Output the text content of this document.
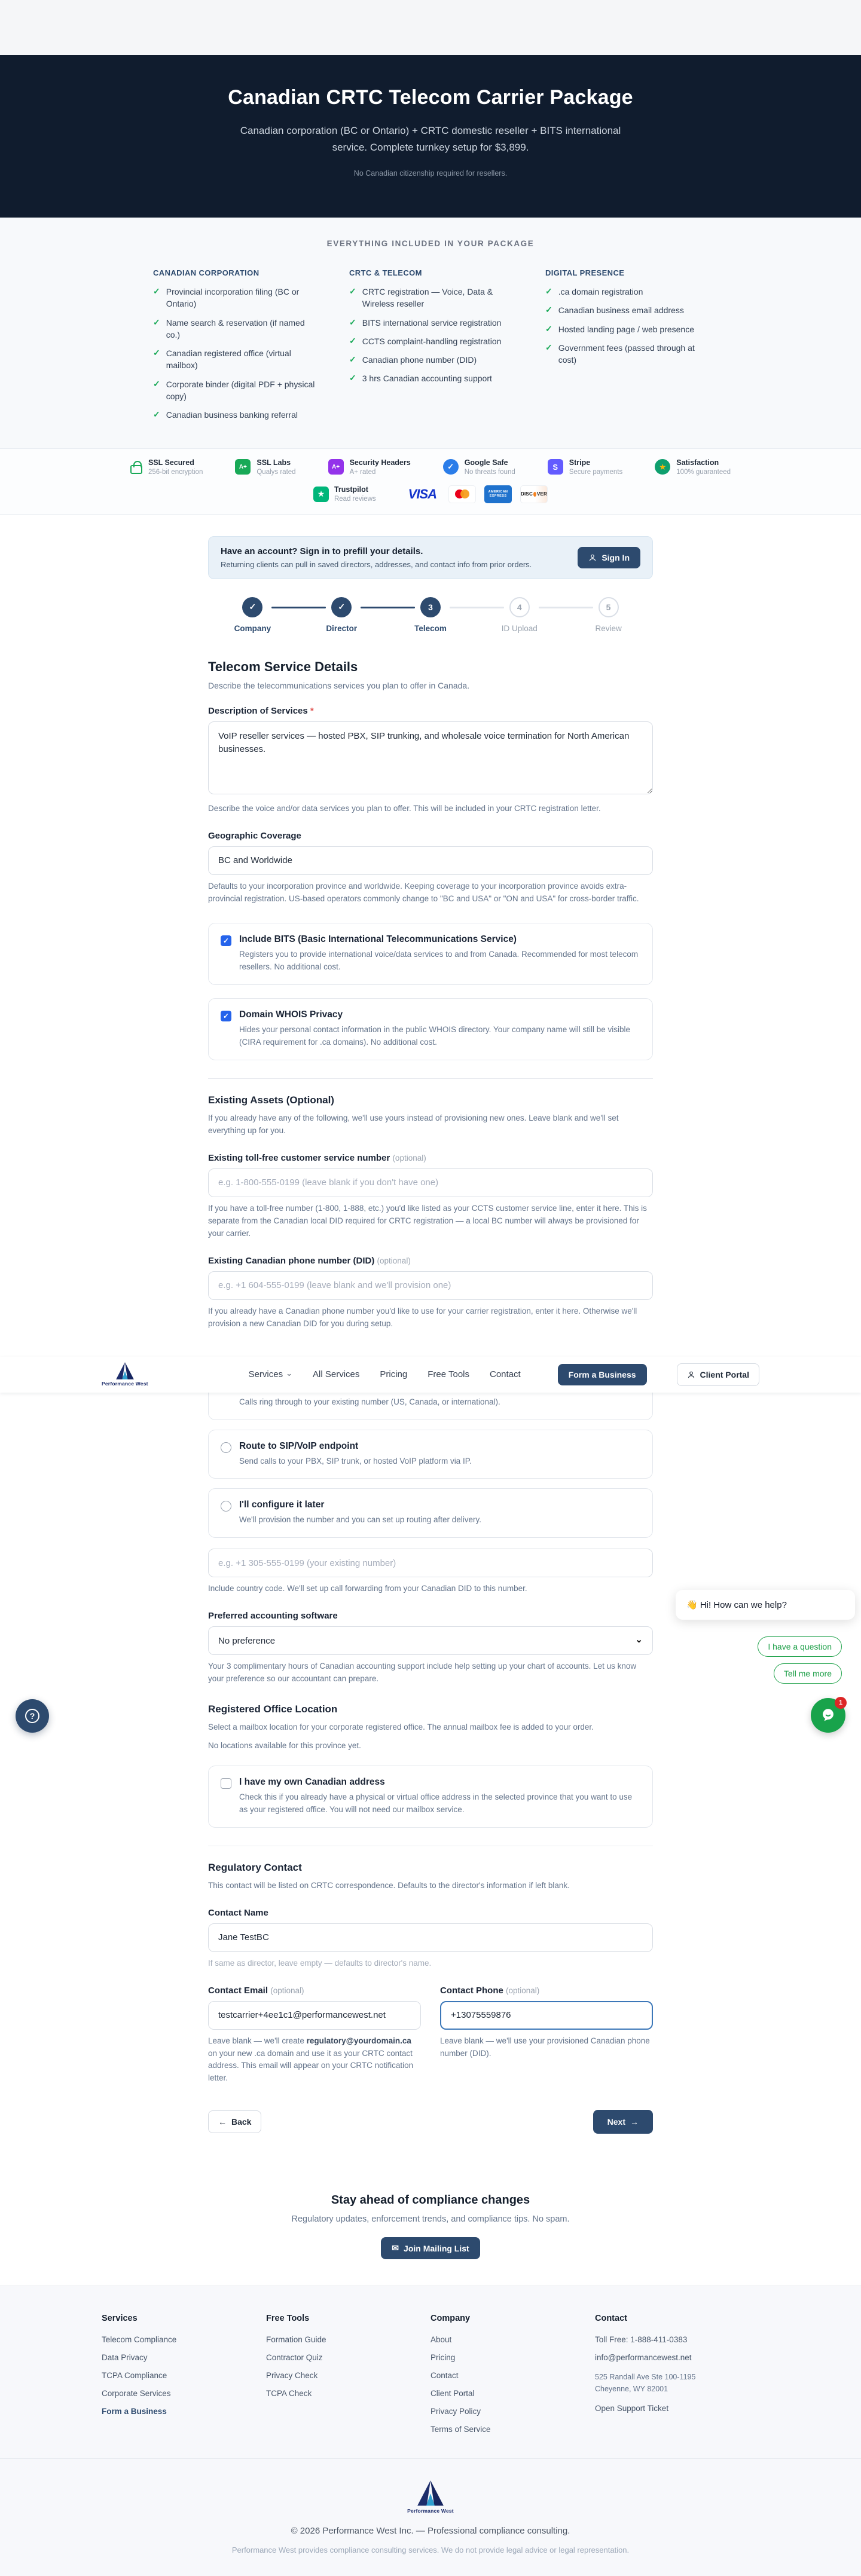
Canadian CRTC Telecom Carrier Package

Canadian corporation (BC or Ontario) + CRTC domestic reseller + BITS international service. Complete turnkey setup for $3,899.

No Canadian citizenship required for resellers.

EVERYTHING INCLUDED IN YOUR PACKAGE
CANADIAN CORPORATION
✓ Provincial incorporation filing (BC or Ontario)
✓ Name search & reservation (if named co.)
✓ Canadian registered office (virtual mailbox)
✓ Corporate binder (digital PDF + physical copy)
✓ Canadian business banking referral
CRTC & TELECOM
✓ CRTC registration — Voice, Data & Wireless reseller
✓ BITS international service registration
✓ CCTS complaint-handling registration
✓ Canadian phone number (DID)
✓ 3 hrs Canadian accounting support
DIGITAL PRESENCE
✓ .ca domain registration
✓ Canadian business email address
✓ Hosted landing page / web presence
✓ Government fees (passed through at cost)
SSL Secured
256-bit encryption
A+
SSL Labs
Qualys rated
A+
Security Headers
A+ rated
✓	Google Safe
No threats found
S	Stripe
Secure payments
★	Satisfaction
100% guaranteed
★	Trustpilot
Read reviews VISA	AMERICAN
EXPRESS	DISC VER
Have an account? Sign in to prefill your details.
Returning clients can pull in saved directors, addresses, and contact info from prior orders.
Sign In
✓
Company
✓
Director
3
Telecom
4
ID Upload
5
Review
Telecom Service Details

Describe the telecommunications services you plan to offer in Canada.

Description of Services *
VoIP reseller services — hosted PBX, SIP trunking, and wholesale voice termination for North American businesses.

Describe the voice and/or data services you plan to offer. This will be included in your CRTC registration letter.

Geographic Coverage
BC and Worldwide

Defaults to your incorporation province and worldwide. Keeping coverage to your incorporation province avoids extra-provincial registration. US-based operators commonly change to "BC and USA" or "ON and USA" for cross-border traffic.

✓ Include BITS (Basic International Telecommunications Service)
Registers you to provide international voice/data services to and from Canada. Recommended for most telecom resellers. No additional cost.
✓ Domain WHOIS Privacy
Hides your personal contact information in the public WHOIS directory. Your company name will still be visible (CIRA requirement for .ca domains). No additional cost.
Existing Assets (Optional)

If you already have any of the following, we'll use yours instead of provisioning new ones. Leave blank and we'll set everything up for you.

Existing toll-free customer service number (optional)
e.g. 1-800-555-0199 (leave blank if you don't have one)

If you have a toll-free number (1-800, 1-888, etc.) you'd like listed as your CCTS customer service line, enter it here. This is separate from the Canadian local DID required for CRTC registration — a local BC number will always be provisioned for your carrier.

Existing Canadian phone number (DID) (optional)
e.g. +1 604-555-0199 (leave blank and we'll provision one)

If you already have a Canadian phone number you'd like to use for your carrier registration, enter it here. Otherwise we'll provision a new Canadian DID for you during setup.

Performance West
Services ⌄ All Services Pricing Free Tools Contact	Form a Business	Client Portal
Calls ring through to your existing number (US, Canada, or international).
Route to SIP/VoIP endpoint
Send calls to your PBX, SIP trunk, or hosted VoIP platform via IP.
I'll configure it later
We'll provision the number and you can set up routing after delivery.
e.g. +1 305-555-0199 (your existing number)

Include country code. We'll set up call forwarding from your Canadian DID to this number.

Preferred accounting software
No preference	⌄

Your 3 complimentary hours of Canadian accounting support include help setting up your chart of accounts. Let us know your preference so our accountant can prepare.

Registered Office Location

Select a mailbox location for your corporate registered office. The annual mailbox fee is added to your order.

No locations available for this province yet.

I have my own Canadian address
Check this if you already have a physical or virtual office address in the selected province that you want to use as your registered office. You will not need our mailbox service.
Regulatory Contact

This contact will be listed on CRTC correspondence. Defaults to the director's information if left blank.

Contact Name
Jane TestBC

If same as director, leave empty — defaults to director's name.

Contact Email (optional)
testcarrier+4ee1c1@performancewest.net

Leave blank — we'll create regulatory@yourdomain.ca on your new .ca domain and use it as your CRTC contact address. This email will appear on your CRTC notification letter.

Contact Phone (optional)
+13075559876

Leave blank — we'll use your provisioned Canadian phone number (DID).

← Back	Next →
Stay ahead of compliance changes

Regulatory updates, enforcement trends, and compliance tips. No spam.

✉ Join Mailing List
Services
Telecom Compliance
Data Privacy
TCPA Compliance
Corporate Services
Form a Business
Free Tools
Formation Guide
Contractor Quiz
Privacy Check
TCPA Check
Company
About
Pricing
Contact
Client Portal
Privacy Policy
Terms of Service
Contact
Toll Free: 1-888-411-0383
info@performancewest.net
525 Randall Ave Ste 100-1195
Cheyenne, WY 82001
Open Support Ticket
Performance West

© 2026 Performance West Inc. — Professional compliance consulting.

Performance West provides compliance consulting services. We do not provide legal advice or legal representation.

?
👋 Hi! How can we help?
I have a question
Tell me more
1
